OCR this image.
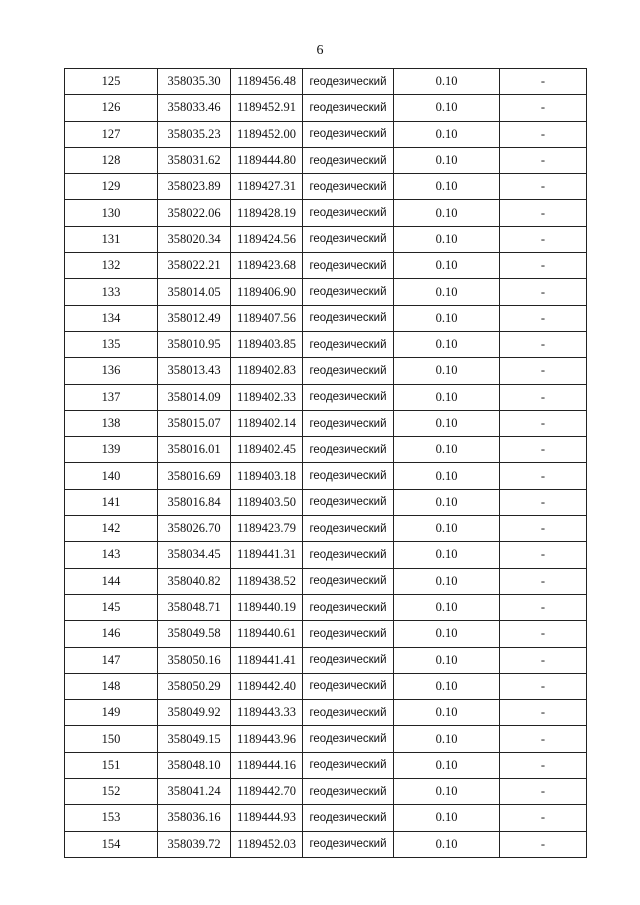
6
125	358035.30	1189456.48	геодезический	0.10	-
126	358033.46	1189452.91	геодезический	0.10	-
127	358035.23	1189452.00	геодезический	0.10	-
128	358031.62	1189444.80	геодезический	0.10	-
129	358023.89	1189427.31	геодезический	0.10	-
130	358022.06	1189428.19	геодезический	0.10	-
131	358020.34	1189424.56	геодезический	0.10	-
132	358022.21	1189423.68	геодезический	0.10	-
133	358014.05	1189406.90	геодезический	0.10	-
134	358012.49	1189407.56	геодезический	0.10	-
135	358010.95	1189403.85	геодезический	0.10	-
136	358013.43	1189402.83	геодезический	0.10	-
137	358014.09	1189402.33	геодезический	0.10	-
138	358015.07	1189402.14	геодезический	0.10	-
139	358016.01	1189402.45	геодезический	0.10	-
140	358016.69	1189403.18	геодезический	0.10	-
141	358016.84	1189403.50	геодезический	0.10	-
142	358026.70	1189423.79	геодезический	0.10	-
143	358034.45	1189441.31	геодезический	0.10	-
144	358040.82	1189438.52	геодезический	0.10	-
145	358048.71	1189440.19	геодезический	0.10	-
146	358049.58	1189440.61	геодезический	0.10	-
147	358050.16	1189441.41	геодезический	0.10	-
148	358050.29	1189442.40	геодезический	0.10	-
149	358049.92	1189443.33	геодезический	0.10	-
150	358049.15	1189443.96	геодезический	0.10	-
151	358048.10	1189444.16	геодезический	0.10	-
152	358041.24	1189442.70	геодезический	0.10	-
153	358036.16	1189444.93	геодезический	0.10	-
154	358039.72	1189452.03	геодезический	0.10	-
